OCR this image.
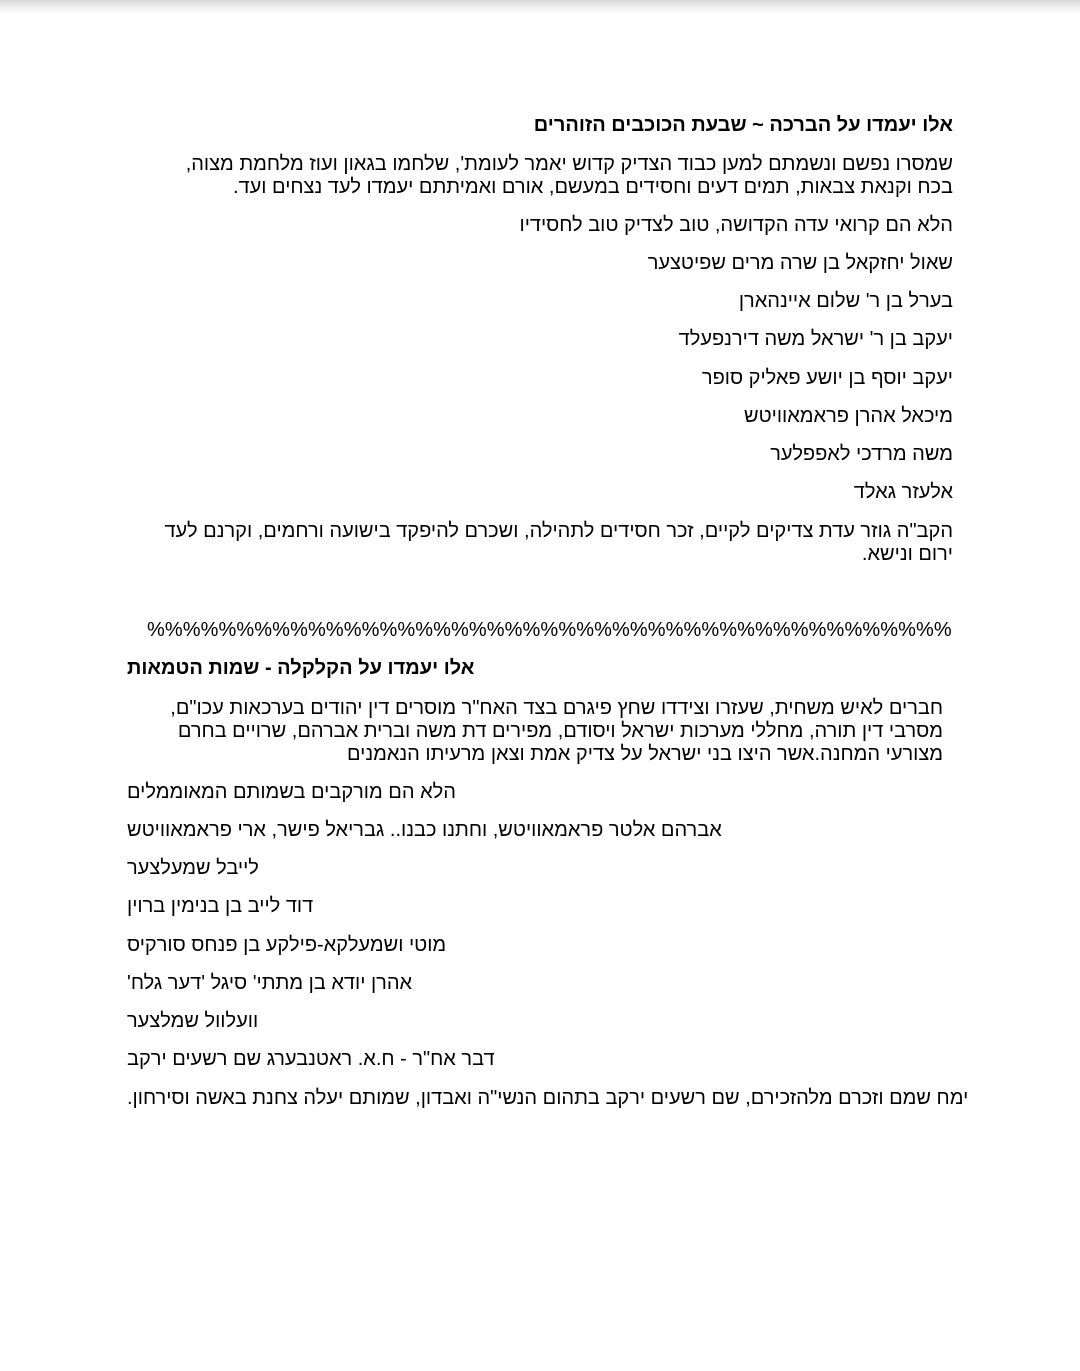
אלו יעמדו על הברכה ~ שבעת הכוכבים הזוהרים
שמסרו נפשם ונשמתם למען כבוד הצדיק קדוש יאמר לעומת', שלחמו בגאון ועוז מלחמת מצוה, בכח וקנאת צבאות, תמים דעים וחסידים במעשם, אורם ואמיתתם יעמדו לעד נצחים ועד.
הלא הם קרואי עדה הקדושה, טוב לצדיק טוב לחסידיו
שאול יחזקאל בן שרה מרים שפיטצער
בערל בן ר' שלום איינהארן
יעקב בן ר' ישראל משה דירנפעלד
יעקב יוסף בן יושע פאליק סופר
מיכאל אהרן פראמאוויטש
משה מרדכי לאפפלער
אלעזר גאלד
הקב"ה גוזר עדת צדיקים לקיים, זכר חסידים לתהילה, ושכרם להיפקד בישועה ורחמים, וקרנם לעד ירום ונישא.
%%%%%%%%%%%%%%%%%%%%%%%%%%%%%%%%%%%%%%%%%%%%%
אלו יעמדו על הקלקלה - שמות הטמאות
חברים לאיש משחית, שעזרו וצידדו שחץ פיגרם בצד האח"ר מוסרים דין יהודים בערכאות עכו"ם, מסרבי דין תורה, מחללי מערכות ישראל ויסודם, מפירים דת משה וברית אברהם, שרויים בחרם מצורעי המחנה.אשר היצו בני ישראל על צדיק אמת וצאן מרעיתו הנאמנים
הלא הם מורקבים בשמותם המאוממלים
אברהם אלטר פראמאוויטש, וחתנו כבנו.. גבריאל פישר, ארי פראמאוויטש
לייבל שמעלצער
דוד לייב בן בנימין ברוין
מוטי ושמעלקא-פילקע בן פנחס סורקיס
אהרן יודא בן מתתי' סיגל 'דער גלח'
וועלוול שמלצער
דבר אח"ר - ח.א. ראטנבערג שם רשעים ירקב
ימח שמם וזכרם מלהזכירם, שם רשעים ירקב בתהום הנשי"ה ואבדון, שמותם יעלה צחנת באשה וסירחון.
